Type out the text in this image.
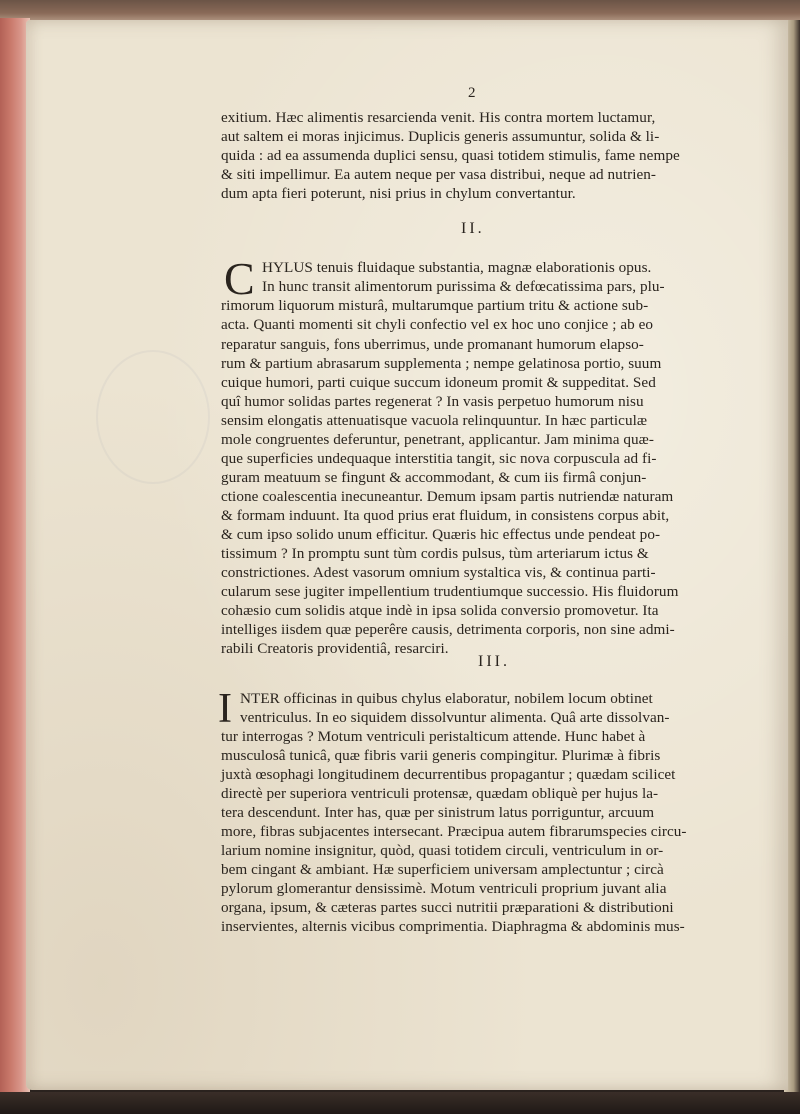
2
exitium. Hæc alimentis resarcienda venit. His contra mortem luctamur,
aut saltem ei moras injicimus. Duplicis generis assumuntur, solida & li-
quida : ad ea assumenda duplici sensu, quasi totidem stimulis, fame nempe
& siti impellimur. Ea autem neque per vasa distribui, neque ad nutrien-
dum apta fieri poterunt, nisi prius in chylum convertantur.
II.
C HYLUS tenuis fluidaque substantia, magnæ elaborationis opus.
In hunc transit alimentorum purissima & defœcatissima pars, plu-
rimorum liquorum misturâ, multarumque partium tritu & actione sub-
acta. Quanti momenti sit chyli confectio vel ex hoc uno conjice ; ab eo
reparatur sanguis, fons uberrimus, unde promanant humorum elapso-
rum & partium abrasarum supplementa ; nempe gelatinosa portio, suum
cuique humori, parti cuique succum idoneum promit & suppeditat. Sed
quî humor solidas partes regenerat ? In vasis perpetuo humorum nisu
sensim elongatis attenuatisque vacuola relinquuntur. In hæc particulæ
mole congruentes deferuntur, penetrant, applicantur. Jam minima quæ-
que superficies undequaque interstitia tangit, sic nova corpuscula ad fi-
guram meatuum se fingunt & accommodant, & cum iis firmâ conjun-
ctione coalescentia inecuneantur. Demum ipsam partis nutriendæ naturam
& formam induunt. Ita quod prius erat fluidum, in consistens corpus abit,
& cum ipso solido unum efficitur. Quæris hic effectus unde pendeat po-
tissimum ? In promptu sunt tùm cordis pulsus, tùm arteriarum ictus &
constrictiones. Adest vasorum omnium systaltica vis, & continua parti-
cularum sese jugiter impellentium trudentiumque successio. His fluidorum
cohæsio cum solidis atque indè in ipsa solida conversio promovetur. Ita
intelliges iisdem quæ peperêre causis, detrimenta corporis, non sine admi-
rabili Creatoris providentiâ, resarciri.
III.
I NTER officinas in quibus chylus elaboratur, nobilem locum obtinet
ventriculus. In eo siquidem dissolvuntur alimenta. Quâ arte dissolvan-
tur interrogas ? Motum ventriculi peristalticum attende. Hunc habet à
musculosâ tunicâ, quæ fibris varii generis compingitur. Plurimæ à fibris
juxtà œsophagi longitudinem decurrentibus propagantur ; quædam scilicet
directè per superiora ventriculi protensæ, quædam obliquè per hujus la-
tera descendunt. Inter has, quæ per sinistrum latus porriguntur, arcuum
more, fibras subjacentes intersecant. Præcipua autem fibrarumspecies circu-
larium nomine insignitur, quòd, quasi totidem circuli, ventriculum in or-
bem cingant & ambiant. Hæ superficiem universam amplectuntur ; circà
pylorum glomerantur densissimè. Motum ventriculi proprium juvant alia
organa, ipsum, & cæteras partes succi nutritii præparationi & distributioni
inservientes, alternis vicibus comprimentia. Diaphragma & abdominis mus-
